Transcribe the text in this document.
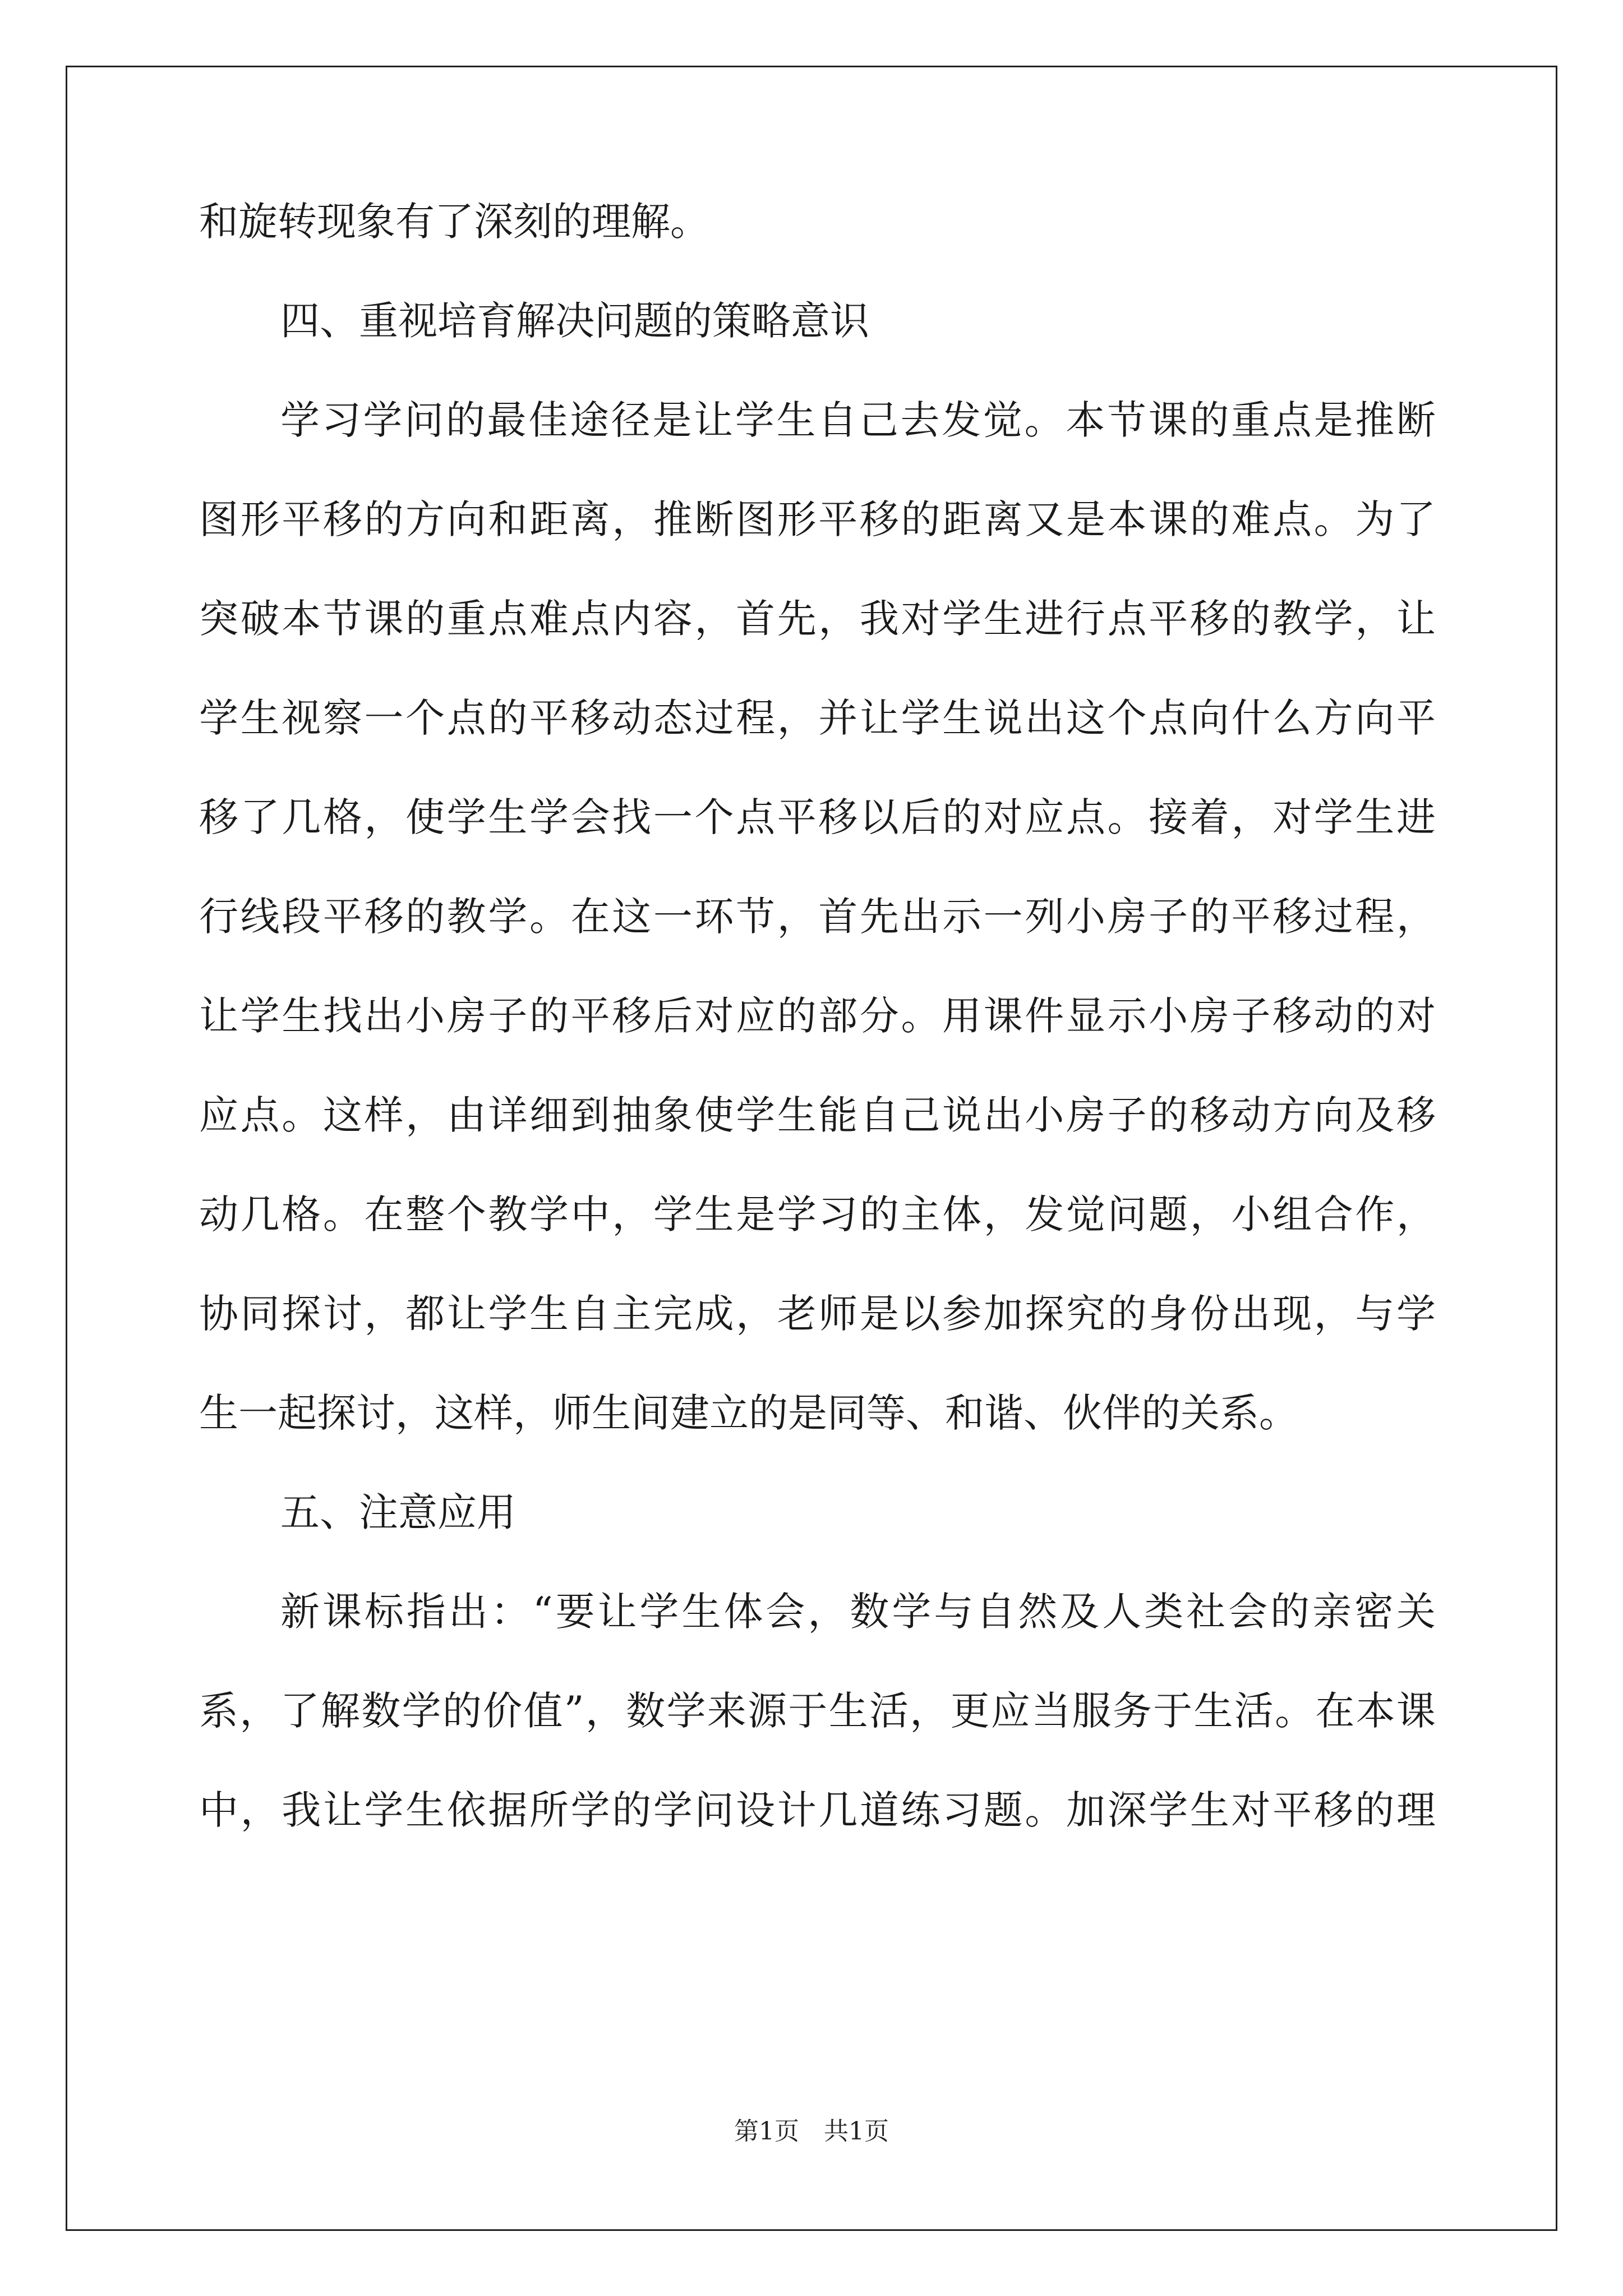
和旋转现象有了深刻的理解。
四、重视培育解决问题的策略意识
学习学问的最佳途径是让学生自己去发觉。本节课的重点是推断
图形平移的方向和距离，推断图形平移的距离又是本课的难点。为了
突破本节课的重点难点内容，首先，我对学生进行点平移的教学，让
学生视察一个点的平移动态过程，并让学生说出这个点向什么方向平
移了几格，使学生学会找一个点平移以后的对应点。接着，对学生进
行线段平移的教学。在这一环节，首先出示一列小房子的平移过程，
让学生找出小房子的平移后对应的部分。用课件显示小房子移动的对
应点。这样，由详细到抽象使学生能自己说出小房子的移动方向及移
动几格。在整个教学中，学生是学习的主体，发觉问题，小组合作，
协同探讨，都让学生自主完成，老师是以参加探究的身份出现，与学
生一起探讨，这样，师生间建立的是同等、和谐、伙伴的关系。
五、注意应用
新课标指出：“要让学生体会，数学与自然及人类社会的亲密关
系，了解数学的价值”，数学来源于生活，更应当服务于生活。在本课
中，我让学生依据所学的学问设计几道练习题。加深学生对平移的理
第1页　共1页
